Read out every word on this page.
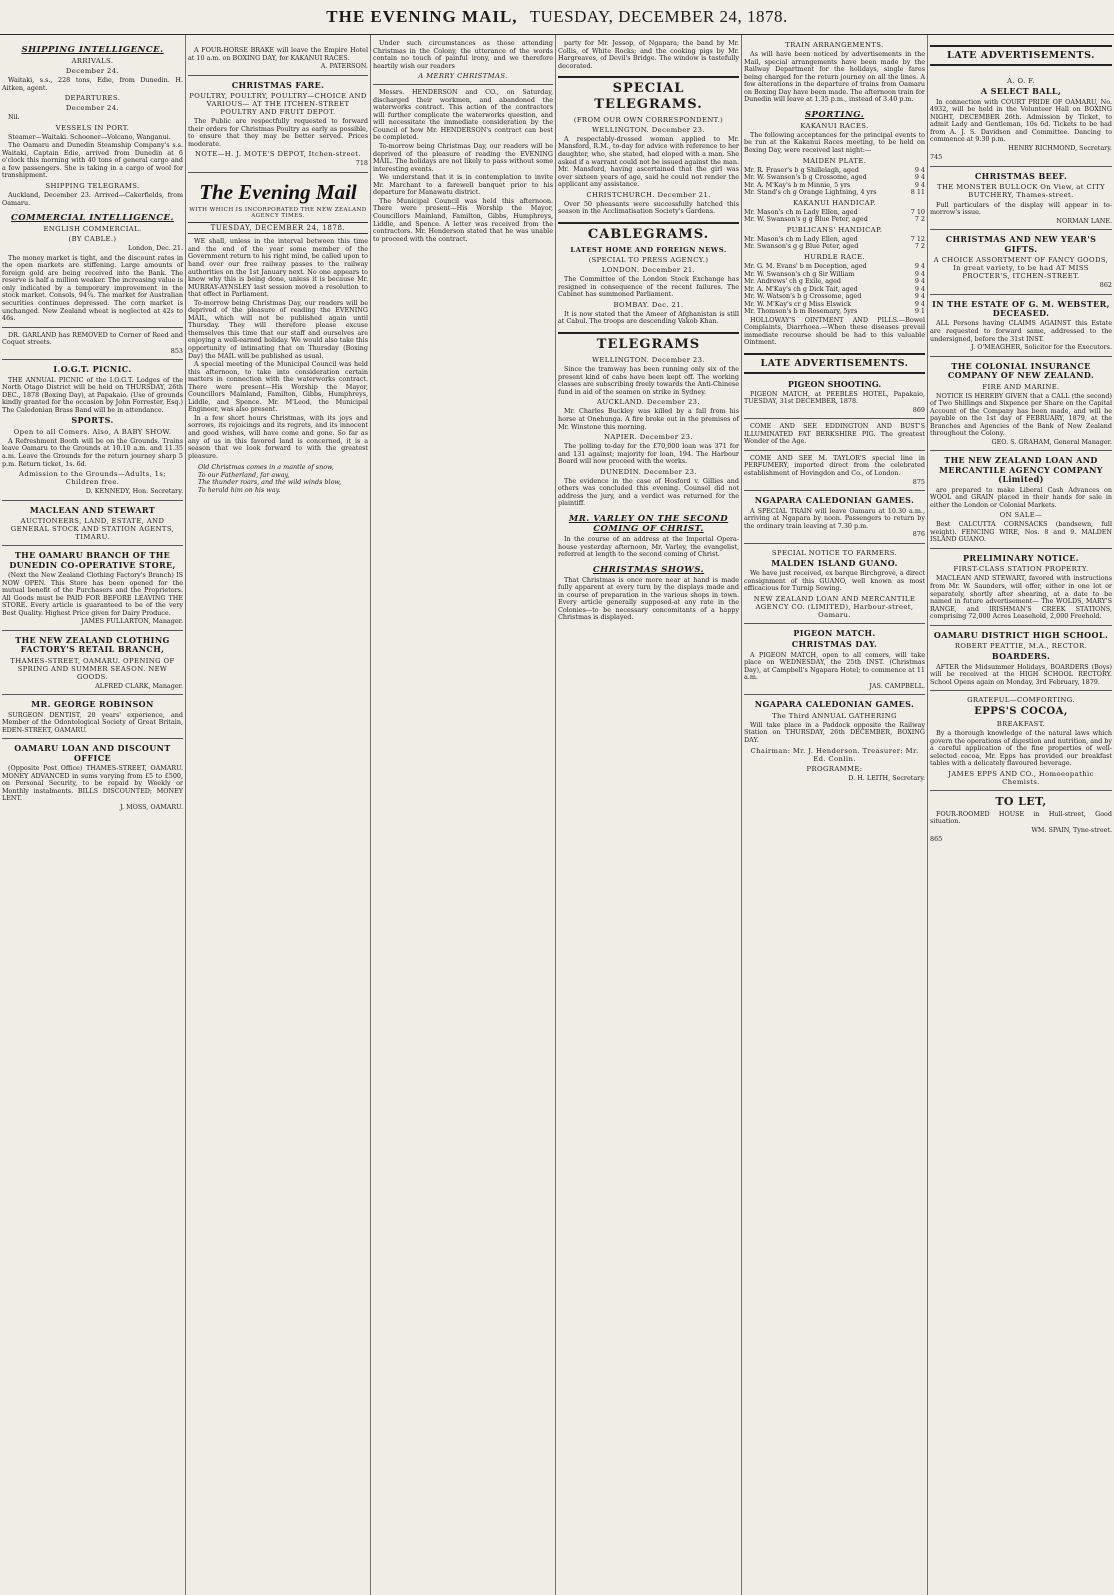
THE EVENING MAIL, TUESDAY, DECEMBER 24, 1878.
SHIPPING INTELLIGENCE.
ARRIVALS.
December 24.

Waitaki, s.s., 228 tons, Edie, from Dunedin. H. Aitken, agent.

DEPARTURES.
December 24.

Nil.

VESSELS IN PORT.

Steamer—Waitaki. Schooner—Volcano, Wanganui.

The Oamaru and Dunedin Steamship Company's s.s. Waitaki, Captain Edie, arrived from Dunedin at 6 o'clock this morning with 40 tons of general cargo and a few passengers. She is taking in a cargo of wool for transhipment.

SHIPPING TELEGRAMS.

Auckland, December 23. Arrived—Cakerfields, from Oamaru.

COMMERCIAL INTELLIGENCE.
ENGLISH COMMERCIAL.
(BY CABLE.)
London, Dec. 21.

The money market is tight, and the discount rates in the open markets are stiffening. Large amounts of foreign gold are being received into the Bank. The reserve is half a million weaker. The increasing value is only indicated by a temporary improvement in the stock market. Consols, 94¼. The market for Australian securities continues depressed. The corn market is unchanged. New Zealand wheat is neglected at 42s to 46s.

DR. GARLAND has REMOVED to Corner of Reed and Coquet streets.

853
I.O.G.T. PICNIC.

THE ANNUAL PICNIC of the I.O.G.T. Lodges of the North Otago District will be held on THURSDAY, 26th DEC., 1878 (Boxing Day), at Papakaio. (Use of grounds kindly granted for the occasion by John Forrester, Esq.) The Caledonian Brass Band will be in attendance.

SPORTS.
Open to all Comers. Also, A BABY SHOW.

A Refreshment Booth will be on the Grounds. Trains leave Oamaru to the Grounds at 10.10 a.m. and 11.35 a.m. Leave the Grounds for the return journey sharp 5 p.m. Return ticket, 1s. 6d.

Admission to the Grounds—Adults, 1s; Children free.
D. KENNEDY, Hon. Secretary.
MACLEAN AND STEWART
AUCTIONEERS, LAND, ESTATE, AND GENERAL STOCK AND STATION AGENTS, TIMARU.
THE OAMARU BRANCH OF THE DUNEDIN CO-OPERATIVE STORE,

(Next the New Zealand Clothing Factory's Branch) IS NOW OPEN. This Store has been opened for the mutual benefit of the Purchasers and the Proprietors. All Goods must be PAID FOR BEFORE LEAVING THE STORE. Every article is guaranteed to be of the very Best Quality. Highest Price given for Dairy Produce.

JAMES FULLARTON, Manager.
THE NEW ZEALAND CLOTHING FACTORY'S RETAIL BRANCH,
THAMES-STREET, OAMARU. OPENING OF SPRING AND SUMMER SEASON. NEW GOODS.
ALFRED CLARK, Manager.
MR. GEORGE ROBINSON

SURGEON DENTIST, 20 years' experience, and Member of the Odontological Society of Great Britain, EDEN-STREET, OAMARU.

OAMARU LOAN AND DISCOUNT OFFICE

(Opposite Post Office) THAMES-STREET, OAMARU. MONEY ADVANCED in sums varying from £5 to £500, on Personal Security, to be repaid by Weekly or Monthly instalments. BILLS DISCOUNTED; MONEY LENT.

J. MOSS, OAMARU.

A FOUR-HORSE BRAKE will leave the Empire Hotel at 10 a.m. on BOXING DAY, for KAKANUI RACES.

A. PATERSON.
CHRISTMAS FARE.
POULTRY, POULTRY, POULTRY—CHOICE AND VARIOUS— AT THE ITCHEN-STREET POULTRY AND FRUIT DEPOT.

The Public are respectfully requested to forward their orders for Christmas Poultry as early as possible, to ensure that they may be better served. Prices moderate.

NOTE—H. J. MOTE'S DEPOT, Itchen-street.
718
The Evening Mail
WITH WHICH IS INCORPORATED THE NEW ZEALAND AGENCY TIMES.
TUESDAY, DECEMBER 24, 1878.

WE shall, unless in the interval between this time and the end of the year some member of the Government return to his right mind, be called upon to hand over our free railway passes to the railway authorities on the 1st January next. No one appears to know why this is being done, unless it is because Mr. MURRAY-AYNSLEY last session moved a resolution to that effect in Parliament.

To-morrow being Christmas Day, our readers will be deprived of the pleasure of reading the EVENING MAIL, which will not be published again until Thursday. They will therefore please excuse themselves this time that our staff and ourselves are enjoying a well-earned holiday. We would also take this opportunity of intimating that on Thursday (Boxing Day) the MAIL will be published as usual.

A special meeting of the Municipal Council was held this afternoon, to take into consideration certain matters in connection with the waterworks contract. There were present—His Worship the Mayor, Councillors Mainland, Familton, Gibbs, Humphreys, Liddle, and Spence. Mr. M'Leod, the Municipal Engineer, was also present.

In a few short hours Christmas, with its joys and sorrows, its rejoicings and its regrets, and its innocent and good wishes, will have come and gone. So far as any of us in this favored land is concerned, it is a season that we look forward to with the greatest pleasure.

Old Christmas comes in a mantle of snow,
To our Fatherland, far away,
The thunder roars, and the wild winds blow,
To herald him on his way.

Under such circumstances as those attending Christmas in the Colony, the utterance of the words contain no touch of painful irony, and we therefore heartily wish our readers

A MERRY CHRISTMAS.

Messrs. HENDERSON and CO., on Saturday, discharged their workmen, and abandoned the waterworks contract. This action of the contractors will further complicate the waterworks question, and will necessitate the immediate consideration by the Council of how Mr. HENDERSON's contract can best be completed.

To-morrow being Christmas Day, our readers will be deprived of the pleasure of reading the EVENING MAIL. The holidays are not likely to pass without some interesting events.

We understand that it is in contemplation to invite Mr. Marchant to a farewell banquet prior to his departure for Manawatu district.

The Municipal Council was held this afternoon. There were present—His Worship the Mayor, Councillors Mainland, Familton, Gibbs, Humphreys, Liddle, and Spence. A letter was received from the contractors. Mr. Henderson stated that he was unable to proceed with the contract.

party for Mr. Jessop, of Ngapara; the band by Mr. Collis, of White Rocks; and the cooking pigs by Mr. Hargreaves, of Devil's Bridge. The window is tastefully decorated.

SPECIAL TELEGRAMS.
(FROM OUR OWN CORRESPONDENT.)
WELLINGTON. December 23.

A respectably-dressed woman applied to Mr. Mansford, R.M., to-day for advice with reference to her daughter, who, she stated, had eloped with a man. She asked if a warrant could not be issued against the man. Mr. Mansford, having ascertained that the girl was over sixteen years of age, said he could not render the applicant any assistance.

CHRISTCHURCH. December 21.

Over 50 pheasants were successfully hatched this season in the Acclimatisation Society's Gardens.

CABLEGRAMS.
LATEST HOME AND FOREIGN NEWS.
(SPECIAL TO PRESS AGENCY.)
LONDON. December 21.

The Committee of the London Stock Exchange has resigned in consequence of the recent failures. The Cabinet has summoned Parliament.

BOMBAY. Dec. 21.

It is now stated that the Ameer of Afghanistan is still at Cabul. The troops are descending Vakob Khan.

TELEGRAMS
WELLINGTON. December 23.

Since the tramway has been running only six of the present kind of cabs have been kept off. The working classes are subscribing freely towards the Anti-Chinese fund in aid of the seamen on strike in Sydney.

AUCKLAND. December 23.

Mr. Charles Buckley was killed by a fall from his horse at Onehunga. A fire broke out in the premises of Mr. Winstone this morning.

NAPIER. December 23.

The polling to-day for the £70,000 loan was 371 for and 131 against; majority for loan, 194. The Harbour Board will now proceed with the works.

DUNEDIN. December 23.

The evidence in the case of Hosford v. Gillies and others was concluded this evening. Counsel did not address the jury, and a verdict was returned for the plaintiff.

MR. VARLEY ON THE SECOND COMING OF CHRIST.

In the course of an address at the Imperial Opera-house yesterday afternoon, Mr. Varley, the evangelist, referred at length to the second coming of Christ.

CHRISTMAS SHOWS.

That Christmas is once more near at hand is made fully apparent at every turn by the displays made and in course of preparation in the various shops in town. Every article generally supposed-at any rate in the Colonies—to be necessary concomitants of a happy Christmas is displayed.

TRAIN ARRANGEMENTS.

As will have been noticed by advertisements in the Mail, special arrangements have been made by the Railway Department for the holidays, single fares being charged for the return journey on all the lines. A few alterations in the departure of trains from Oamaru on Boxing Day have been made. The afternoon train for Dunedin will leave at 1.35 p.m., instead of 3.40 p.m.

SPORTING.
KAKANUI RACES.

The following acceptances for the principal events to be run at the Kakanui Races meeting, to be held on Boxing Day, were received last night:—

MAIDEN PLATE.
Mr. R. Fraser's b g Shillelagh, aged	9 4
Mr. W. Swanson's b g Crossome, aged	9 4
Mr. A. M'Kay's b m Minnie, 5 yrs	9 4
Mr. Stand's ch g Orange Lightning, 4 yrs	8 11
KAKANUI HANDICAP.
Mr. Mason's ch m Lady Ellen, aged	7 10
Mr. W. Swanson's g g Blue Peter, aged	7 2
PUBLICANS' HANDICAP.
Mr. Mason's ch m Lady Ellen, aged	7 12
Mr. Swanson's g g Blue Peter, aged	7 2
HURDLE RACE.
Mr. G. M. Evans' b m Deception, aged	9 4
Mr. W. Swanson's ch g Sir William	9 4
Mr. Andrews' ch g Exile, aged	9 4
Mr. A. M'Kay's ch g Dick Tait, aged	9 4
Mr. W. Watson's b g Crossome, aged	9 4
Mr. W. M'Kay's cr g Miss Elswick	9 4
Mr. Thomson's b m Rosemary, 5yrs	9 1

HOLLOWAY'S OINTMENT AND PILLS.—Bowel Complaints, Diarrhoea.—When these diseases prevail immediate recourse should be had to this valuable Ointment.

LATE ADVERTISEMENTS.
PIGEON SHOOTING.

PIGEON MATCH, at PEEBLES HOTEL, Papakaio, TUESDAY, 31st DECEMBER, 1878.

869

COME AND SEE EDDINGTON AND BUST'S ILLUMINATED FAT BERKSHIRE PIG. The greatest Wonder of the Age.

COME AND SEE M. TAYLOR'S special line in PERFUMERY, imported direct from the celebrated establishment of Hovingdon and Co., of London.

875
NGAPARA CALEDONIAN GAMES.

A SPECIAL TRAIN will leave Oamaru at 10.30 a.m., arriving at Ngapara by noon. Passengers to return by the ordinary train leaving at 7.30 p.m.

876
SPECIAL NOTICE TO FARMERS.
MALDEN ISLAND GUANO.

We have just received, ex barque Birchgrove, a direct consignment of this GUANO, well known as most efficacious for Turnip Sowing.

NEW ZEALAND LOAN AND MERCANTILE AGENCY CO. (LIMITED), Harbour-street, Oamaru.
PIGEON MATCH.
CHRISTMAS DAY.

A PIGEON MATCH, open to all comers, will take place on WEDNESDAY, the 25th INST. (Christmas Day), at Campbell's Ngapara Hotel; to commence at 11 a.m.

JAS. CAMPBELL.
NGAPARA CALEDONIAN GAMES.
The Third ANNUAL GATHERING

Will take place in a Paddock opposite the Railway Station on THURSDAY, 26th DECEMBER, BOXING DAY.

Chairman: Mr. J. Henderson. Treasurer: Mr. Ed. Conlin.
PROGRAMME:
D. H. LEITH, Secretary.
LATE ADVERTISEMENTS.
A. O. F.
A SELECT BALL,

In connection with COURT PRIDE OF OAMARU, No. 4932, will be held in the Volunteer Hall on BOXING NIGHT, DECEMBER 26th. Admission by Ticket, to admit Lady and Gentleman, 10s 6d. Tickets to be had from A. J. S. Davidson and Committee. Dancing to commence at 9.30 p.m.

HENRY RICHMOND, Secretary.
745
CHRISTMAS BEEF.
THE MONSTER BULLOCK On View, at CITY BUTCHERY, Thames-street.

Full particulars of the display will appear in to-morrow's issue.

NORMAN LANE.
CHRISTMAS AND NEW YEAR'S GIFTS.
A CHOICE ASSORTMENT OF FANCY GOODS, In great variety, to be had AT MISS PROCTER'S, ITCHEN-STREET.
862
IN THE ESTATE OF G. M. WEBSTER, DECEASED.

ALL Persons having CLAIMS AGAINST this Estate are requested to forward same, addressed to the undersigned, before the 31st INST.

J. O'MEAGHER, Solicitor for the Executors.
THE COLONIAL INSURANCE COMPANY OF NEW ZEALAND.
FIRE AND MARINE.

NOTICE IS HEREBY GIVEN that a CALL (the second) of Two Shillings and Sixpence per Share on the Capital Account of the Company has been made, and will be payable on the 1st day of FEBRUARY, 1879, at the Branches and Agencies of the Bank of New Zealand throughout the Colony.

GEO. S. GRAHAM, General Manager.
THE NEW ZEALAND LOAN AND MERCANTILE AGENCY COMPANY (Limited)

are prepared to make Liberal Cash Advances on WOOL and GRAIN placed in their hands for sale in either the London or Colonial Markets.

ON SALE—

Best CALCUTTA CORNSACKS (bandsewn, full weight). FENCING WIRE, Nos. 8 and 9. MALDEN ISLAND GUANO.

PRELIMINARY NOTICE.
FIRST-CLASS STATION PROPERTY.

MACLEAN AND STEWART, favored with instructions from Mr. W. Saunders, will offer, either in one lot or separately, shortly after shearing, at a date to be named in future advertisement— The WOLDS, MARY'S RANGE, and IRISHMAN'S CREEK STATIONS, comprising 72,000 Acres Leasehold, 2,000 Freehold.

OAMARU DISTRICT HIGH SCHOOL.
ROBERT PEATTIE, M.A., RECTOR.
BOARDERS.

AFTER the Midsummer Holidays, BOARDERS (Boys) will be received at the HIGH SCHOOL RECTORY. School Opens again on Monday, 3rd February, 1879.

GRATEFUL—COMFORTING.
EPPS'S COCOA,
BREAKFAST.

By a thorough knowledge of the natural laws which govern the operations of digestion and nutrition, and by a careful application of the fine properties of well-selected cocoa, Mr. Epps has provided our breakfast tables with a delicately flavoured beverage.

JAMES EPPS AND CO., Homoeopathic Chemists.
TO LET,

FOUR-ROOMED HOUSE in Hull-street, Good situation.

WM. SPAIN, Tyne-street.
865
